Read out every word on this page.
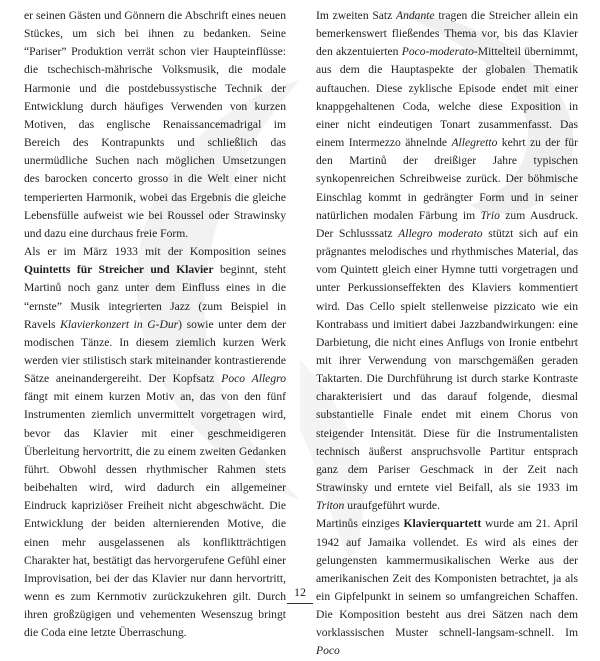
er seinen Gästen und Gönnern die Abschrift eines neuen Stückes, um sich bei ihnen zu bedanken. Seine “Pariser” Produktion verrät schon vier Haupteinflüsse: die tschechisch-mährische Volksmusik, die modale Harmonie und die postdebussystische Technik der Entwicklung durch häufiges Verwenden von kurzen Motiven, das englische Renaissancemadrigal im Bereich des Kontrapunkts und schließlich das unermüdliche Suchen nach möglichen Umsetzungen des barocken concerto grosso in die Welt einer nicht temperierten Harmonik, wobei das Ergebnis die gleiche Lebensfülle aufweist wie bei Roussel oder Strawinsky und dazu eine durchaus freie Form.

Als er im März 1933 mit der Komposition seines Quintetts für Streicher und Klavier beginnt, steht Martinů noch ganz unter dem Einfluss eines in die “ernste” Musik integrierten Jazz (zum Beispiel in Ravels Klavierkonzert in G-Dur) sowie unter dem der modischen Tänze. In diesem ziemlich kurzen Werk werden vier stilistisch stark miteinander kontrastierende Sätze aneinandergereiht. Der Kopfsatz Poco Allegro fängt mit einem kurzen Motiv an, das von den fünf Instrumenten ziemlich unvermittelt vorgetragen wird, bevor das Klavier mit einer geschmeidigeren Überleitung hervortritt, die zu einem zweiten Gedanken führt. Obwohl dessen rhythmischer Rahmen stets beibehalten wird, wird dadurch ein allgemeiner Eindruck kapriziöser Freiheit nicht abgeschwächt. Die Entwicklung der beiden alternierenden Motive, die einen mehr ausgelassenen als konfliktträchtigen Charakter hat, bestätigt das hervorgerufene Gefühl einer Improvisation, bei der das Klavier nur dann hervortritt, wenn es zum Kernmotiv zurückzukehren gilt. Durch ihren großzügigen und vehementen Wesenszug bringt die Coda eine letzte Überraschung.

Im zweiten Satz Andante tragen die Streicher allein ein bemerkenswert fließendes Thema vor, bis das Klavier den akzentuierten Poco-moderato-Mittelteil übernimmt, aus dem die Hauptaspekte der globalen Thematik auftauchen. Diese zyklische Episode endet mit einer knappgehaltenen Coda, welche diese Exposition in einer nicht eindeutigen Tonart zusammenfasst. Das einem Intermezzo ähnelnde Allegretto kehrt zu der für den Martinů der dreißiger Jahre typischen synkopenreichen Schreibweise zurück. Der böhmische Einschlag kommt in gedrängter Form und in seiner natürlichen modalen Färbung im Trio zum Ausdruck. Der Schlusssatz Allegro moderato stützt sich auf ein prägnantes melodisches und rhythmisches Material, das vom Quintett gleich einer Hymne tutti vorgetragen und unter Perkussionseffekten des Klaviers kommentiert wird. Das Cello spielt stellenweise pizzicato wie ein Kontrabass und imitiert dabei Jazzbandwirkungen: eine Darbietung, die nicht eines Anflugs von Ironie entbehrt mit ihrer Verwendung von marschgemäßen geraden Taktarten. Die Durchführung ist durch starke Kontraste charakterisiert und das darauf folgende, diesmal substantielle Finale endet mit einem Chorus von steigender Intensität. Diese für die Instrumentalisten technisch äußerst anspruchsvolle Partitur entsprach ganz dem Pariser Geschmack in der Zeit nach Strawinsky und erntete viel Beifall, als sie 1933 im Triton uraufgeführt wurde.

Martinůs einziges Klavierquartett wurde am 21. April 1942 auf Jamaika vollendet. Es wird als eines der gelungensten kammermusikalischen Werke aus der amerikanischen Zeit des Komponisten betrachtet, ja als ein Gipfelpunkt in seinem so umfangreichen Schaffen. Die Komposition besteht aus drei Sätzen nach dem vorklassischen Muster schnell-langsam-schnell. Im Poco

12
